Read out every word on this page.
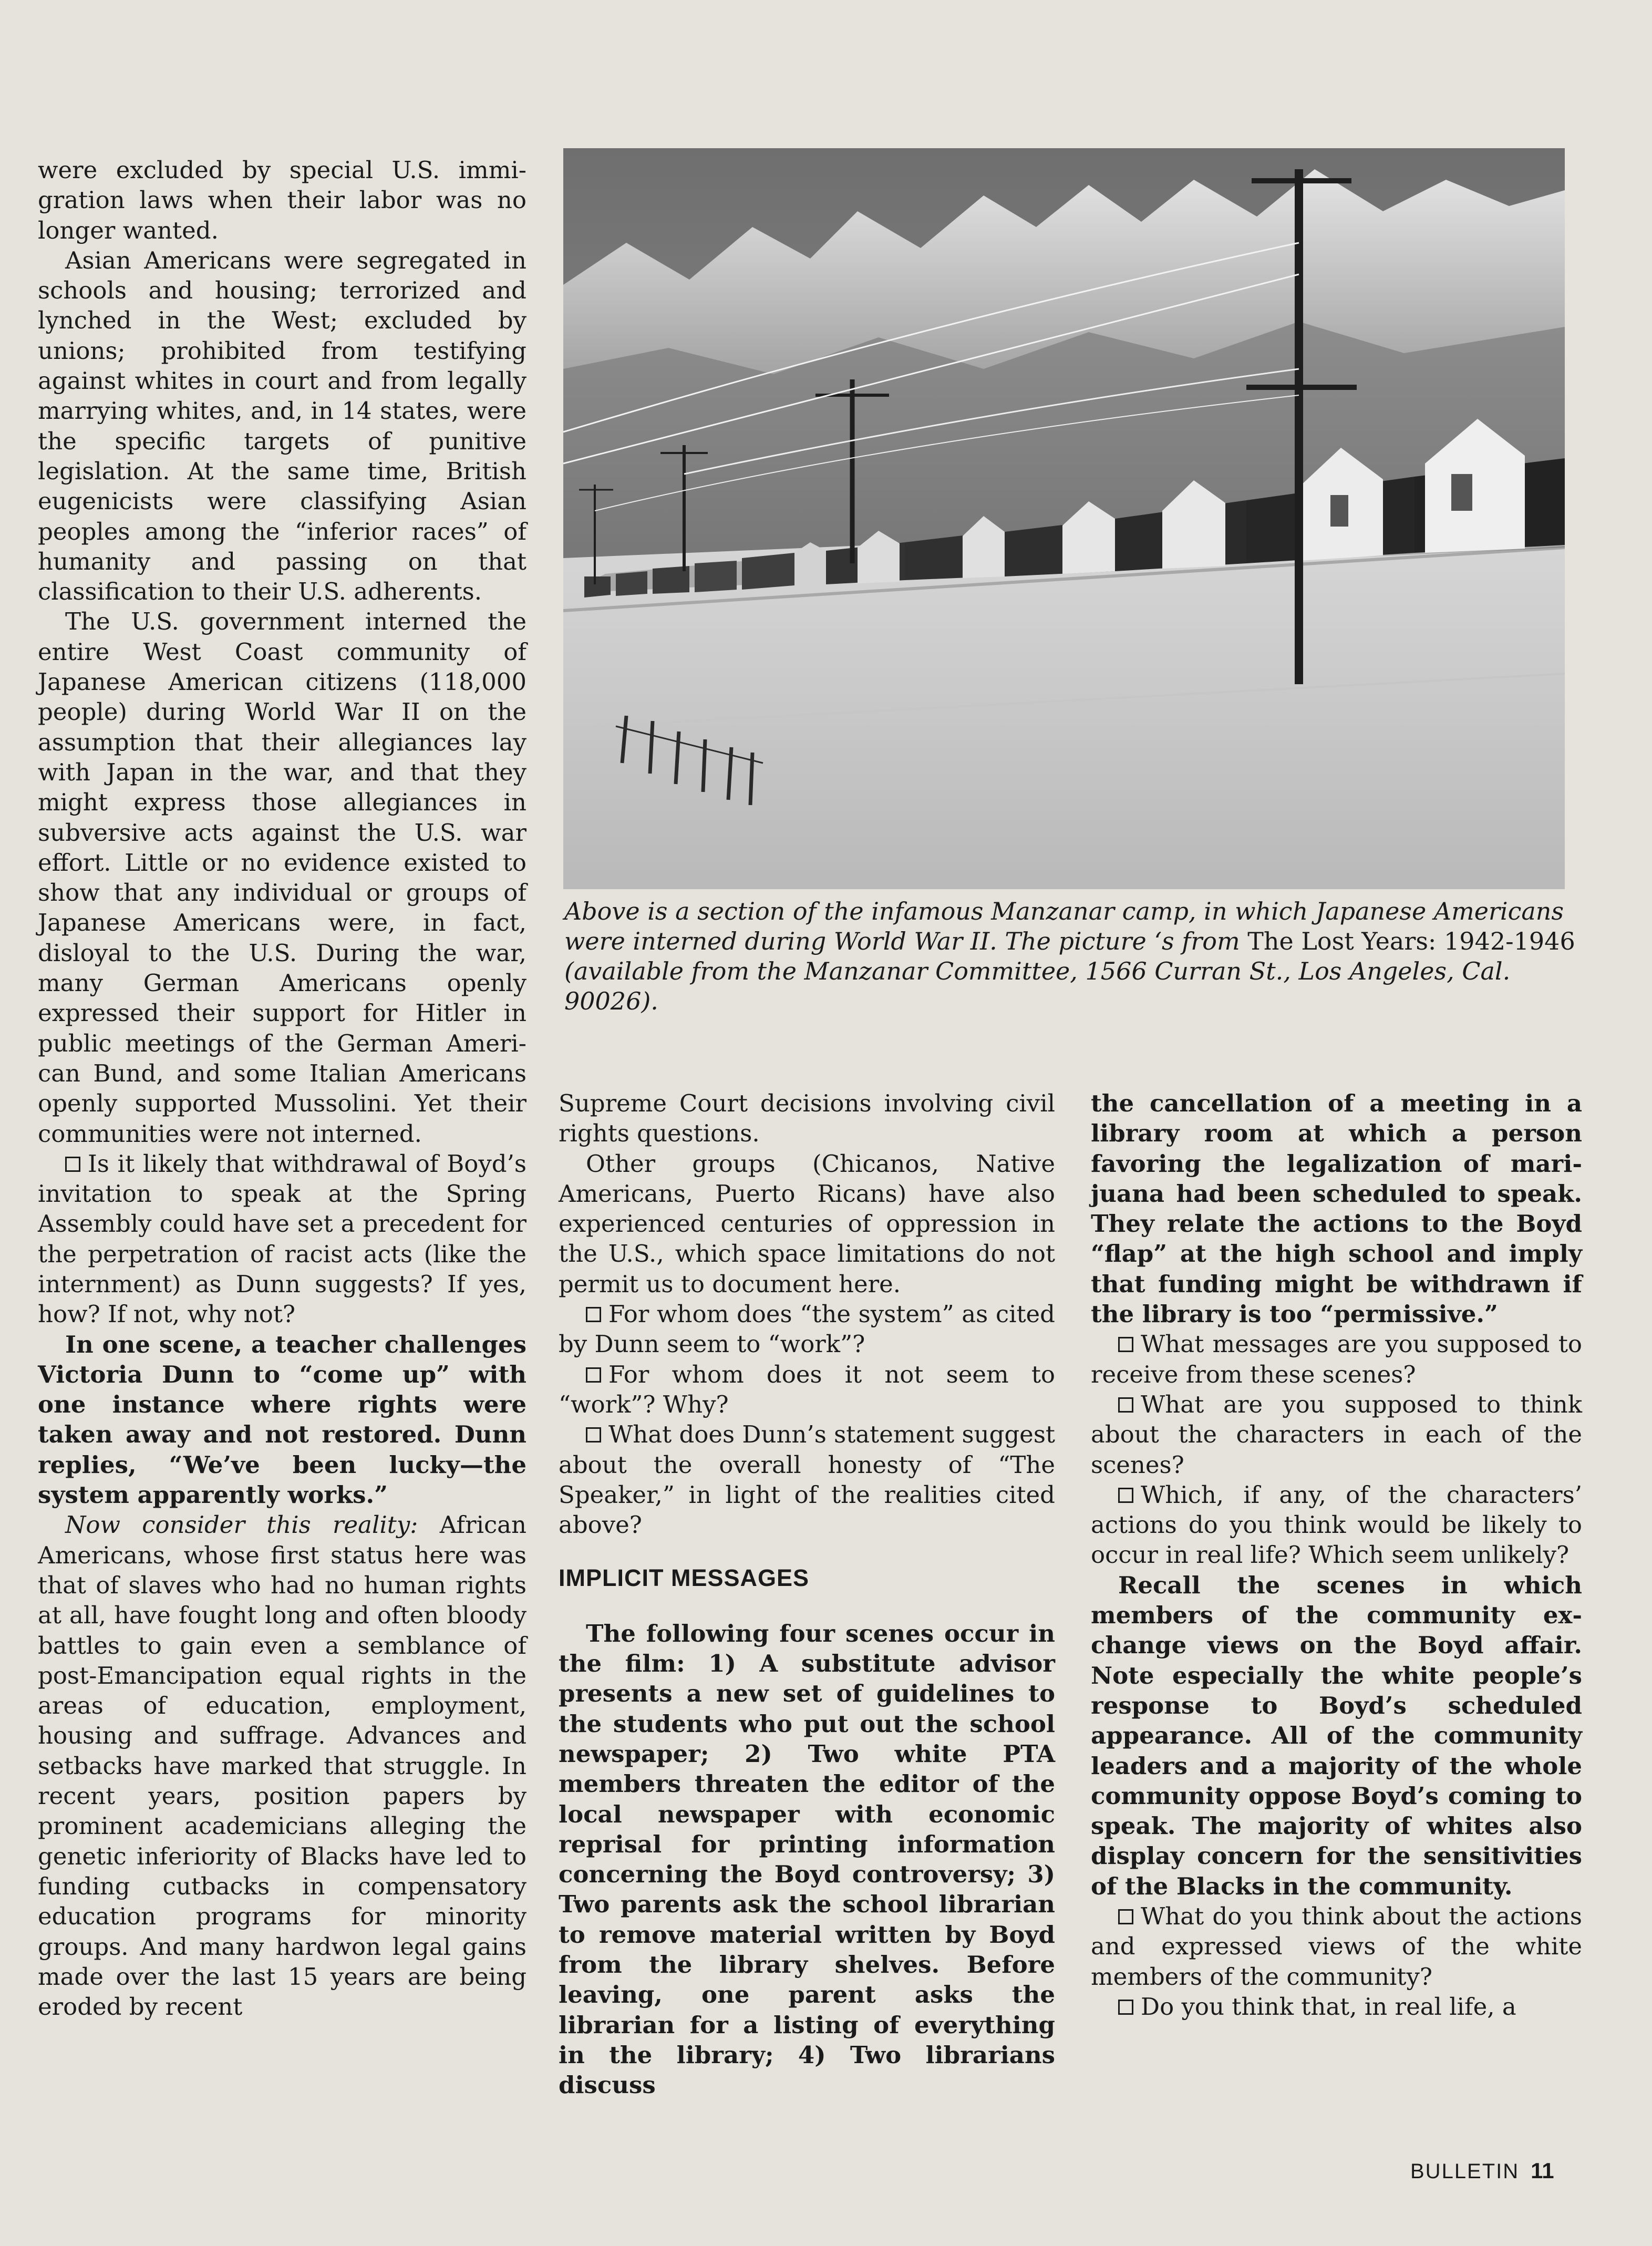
were excluded by special U.S. immigration laws when their labor was no longer wanted.

Asian Americans were segregated in schools and housing; terrorized and lynched in the West; excluded by unions; prohibited from testifying against whites in court and from legally marrying whites, and, in 14 states, were the specific targets of punitive legislation. At the same time, British eugenicists were classifying Asian peoples among the “inferior races” of humanity and passing on that classification to their U.S. adherents.

The U.S. government interned the entire West Coast community of Japanese American citizens (118,000 people) during World War II on the assumption that their allegiances lay with Japan in the war, and that they might express those allegiances in subversive acts against the U.S. war effort. Little or no evidence existed to show that any individual or groups of Japanese Americans were, in fact, disloyal to the U.S. During the war, many German Americans openly expressed their support for Hitler in public meetings of the German American Bund, and some Italian Americans openly supported Mussolini. Yet their communities were not interned.

Is it likely that withdrawal of Boyd’s invitation to speak at the Spring Assembly could have set a precedent for the perpetration of racist acts (like the internment) as Dunn suggests? If yes, how? If not, why not?

In one scene, a teacher challenges Victoria Dunn to “come up” with one instance where rights were taken away and not restored. Dunn replies, “We’ve been lucky—the system apparently works.”

Now consider this reality: African Americans, whose first status here was that of slaves who had no human rights at all, have fought long and often bloody battles to gain even a semblance of post-Emancipation equal rights in the areas of education, employment, housing and suffrage. Advances and setbacks have marked that struggle. In recent years, position papers by prominent academicians alleging the genetic inferiority of Blacks have led to funding cutbacks in compensatory education programs for minority groups. And many hardwon legal gains made over the last 15 years are being eroded by recent

Above is a section of the infamous Manzanar camp, in which Japanese Americans were interned during World War II. The picture ‘s from The Lost Years: 1942-1946 (available from the Manzanar Committee, 1566 Curran St., Los Angeles, Cal. 90026).

Supreme Court decisions involving civil rights questions.

Other groups (Chicanos, Native Americans, Puerto Ricans) have also experienced centuries of oppression in the U.S., which space limitations do not permit us to document here.

For whom does “the system” as cited by Dunn seem to “work”?

For whom does it not seem to “work”? Why?

What does Dunn’s statement suggest about the overall honesty of “The Speaker,” in light of the realities cited above?

IMPLICIT MESSAGES

The following four scenes occur in the film: 1) A substitute advisor presents a new set of guidelines to the students who put out the school newspaper; 2) Two white PTA members threaten the editor of the local newspaper with economic reprisal for printing information concerning the Boyd controversy; 3) Two parents ask the school librarian to remove material written by Boyd from the library shelves. Before leaving, one parent asks the librarian for a listing of everything in the library; 4) Two librarians discuss

the cancellation of a meeting in a library room at which a person favoring the legalization of marijuana had been scheduled to speak. They relate the actions to the Boyd “flap” at the high school and imply that funding might be withdrawn if the library is too “permissive.”

What messages are you supposed to receive from these scenes?

What are you supposed to think about the characters in each of the scenes?

Which, if any, of the characters’ actions do you think would be likely to occur in real life? Which seem unlikely?

Recall the scenes in which members of the community exchange views on the Boyd affair. Note especially the white people’s response to Boyd’s scheduled appearance. All of the community leaders and a majority of the whole community oppose Boyd’s coming to speak. The majority of whites also display concern for the sensitivities of the Blacks in the community.

What do you think about the actions and expressed views of the white members of the community?

Do you think that, in real life, a

BULLETIN 11
